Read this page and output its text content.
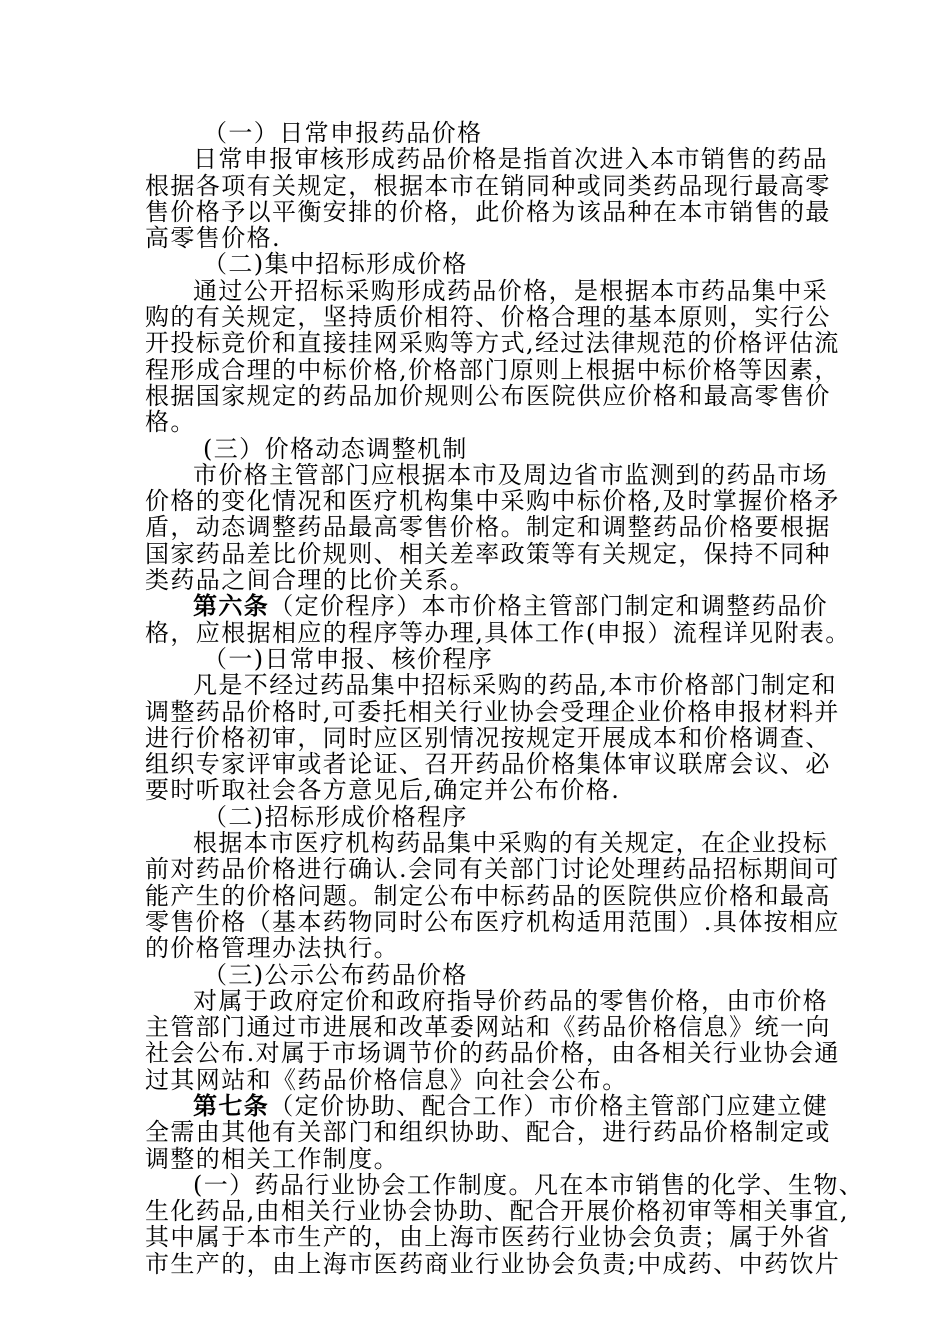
（一）日常申报药品价格
日常申报审核形成药品价格是指首次进入本市销售的药品
根据各项有关规定，根据本市在销同种或同类药品现行最高零
售价格予以平衡安排的价格，此价格为该品种在本市销售的最
高零售价格.
（二)集中招标形成价格
通过公开招标采购形成药品价格，是根据本市药品集中采
购的有关规定，坚持质价相符、价格合理的基本原则，实行公
开投标竞价和直接挂网采购等方式,经过法律规范的价格评估流
程形成合理的中标价格,价格部门原则上根据中标价格等因素，
根据国家规定的药品加价规则公布医院供应价格和最高零售价
格。
(三）价格动态调整机制
市价格主管部门应根据本市及周边省市监测到的药品市场
价格的变化情况和医疗机构集中采购中标价格,及时掌握价格矛
盾，动态调整药品最高零售价格。制定和调整药品价格要根据
国家药品差比价规则、相关差率政策等有关规定，保持不同种
类药品之间合理的比价关系。
第六条（定价程序）本市价格主管部门制定和调整药品价
格，应根据相应的程序等办理,具体工作(申报）流程详见附表。
（一)日常申报、核价程序
凡是不经过药品集中招标采购的药品,本市价格部门制定和
调整药品价格时,可委托相关行业协会受理企业价格申报材料并
进行价格初审，同时应区别情况按规定开展成本和价格调查、
组织专家评审或者论证、召开药品价格集体审议联席会议、必
要时听取社会各方意见后,确定并公布价格.
（二)招标形成价格程序
根据本市医疗机构药品集中采购的有关规定，在企业投标
前对药品价格进行确认.会同有关部门讨论处理药品招标期间可
能产生的价格问题。制定公布中标药品的医院供应价格和最高
零售价格（基本药物同时公布医疗机构适用范围）.具体按相应
的价格管理办法执行。
（三)公示公布药品价格
对属于政府定价和政府指导价药品的零售价格，由市价格
主管部门通过市进展和改革委网站和《药品价格信息》统一向
社会公布.对属于市场调节价的药品价格，由各相关行业协会通
过其网站和《药品价格信息》向社会公布。
第七条（定价协助、配合工作）市价格主管部门应建立健
全需由其他有关部门和组织协助、配合，进行药品价格制定或
调整的相关工作制度。
(一）药品行业协会工作制度。凡在本市销售的化学、生物、
生化药品,由相关行业协会协助、配合开展价格初审等相关事宜,
其中属于本市生产的，由上海市医药行业协会负责；属于外省
市生产的，由上海市医药商业行业协会负责;中成药、中药饮片
